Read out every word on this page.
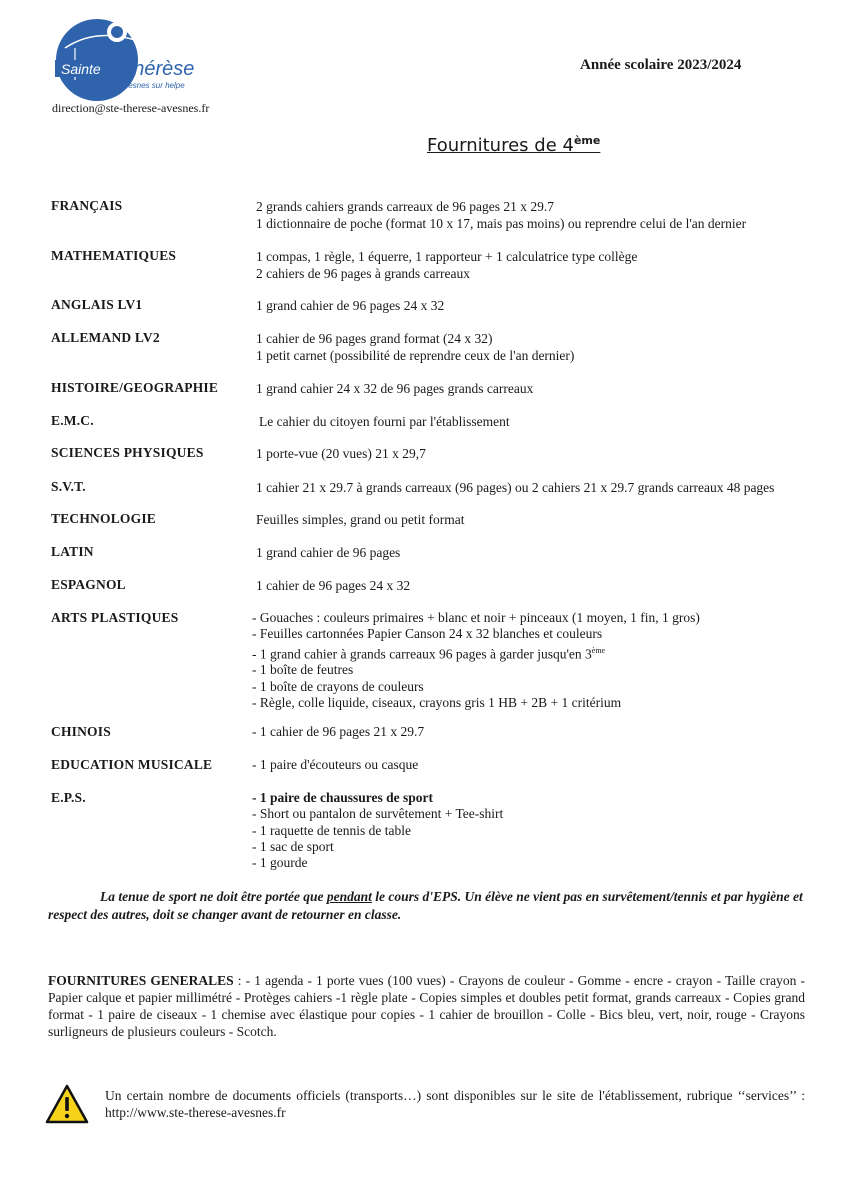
Sainte Thérèse
Avesnes sur helpe
direction@ste-therese-avesnes.fr
Année scolaire 2023/2024
Fournitures de 4ème
FRANÇAIS	2 grands cahiers grands carreaux de 96 pages 21 x 29.7
1 dictionnaire de poche (format 10 x 17, mais pas moins) ou reprendre celui de l'an dernier
MATHEMATIQUES	1 compas, 1 règle, 1 équerre, 1 rapporteur + 1 calculatrice type collège
2 cahiers de 96 pages à grands carreaux
ANGLAIS LV1	1 grand cahier de 96 pages 24 x 32
ALLEMAND LV2	1 cahier de 96 pages grand format (24 x 32)
1 petit carnet (possibilité de reprendre ceux de l'an dernier)
HISTOIRE/GEOGRAPHIE	1 grand cahier 24 x 32 de 96 pages grands carreaux
E.M.C.	Le cahier du citoyen fourni par l'établissement
SCIENCES PHYSIQUES	1 porte-vue (20 vues) 21 x 29,7
S.V.T.	1 cahier 21 x 29.7 à grands carreaux (96 pages) ou 2 cahiers 21 x 29.7 grands carreaux 48 pages
TECHNOLOGIE	Feuilles simples, grand ou petit format
LATIN	1 grand cahier de 96 pages
ESPAGNOL	1 cahier de 96 pages 24 x 32
ARTS PLASTIQUES	- Gouaches : couleurs primaires + blanc et noir + pinceaux (1 moyen, 1 fin, 1 gros)
- Feuilles cartonnées Papier Canson 24 x 32 blanches et couleurs
- 1 grand cahier à grands carreaux 96 pages à garder jusqu'en 3ème
- 1 boîte de feutres
- 1 boîte de crayons de couleurs
- Règle, colle liquide, ciseaux, crayons gris 1 HB + 2B + 1 critérium
CHINOIS	- 1 cahier de 96 pages 21 x 29.7
EDUCATION MUSICALE	- 1 paire d'écouteurs ou casque
E.P.S.	- 1 paire de chaussures de sport
- Short ou pantalon de survêtement + Tee-shirt
- 1 raquette de tennis de table
- 1 sac de sport
- 1 gourde
La tenue de sport ne doit être portée que pendant le cours d'EPS. Un élève ne vient pas en survêtement/tennis et par hygiène et respect des autres, doit se changer avant de retourner en classe.
FOURNITURES GENERALES : - 1 agenda - 1 porte vues (100 vues) - Crayons de couleur - Gomme - encre - crayon - Taille crayon - Papier calque et papier millimétré - Protèges cahiers -1 règle plate - Copies simples et doubles petit format, grands carreaux - Copies grand format - 1 paire de ciseaux - 1 chemise avec élastique pour copies - 1 cahier de brouillon - Colle - Bics bleu, vert, noir, rouge - Crayons surligneurs de plusieurs couleurs - Scotch.
Un certain nombre de documents officiels (transports…) sont disponibles sur le site de l'établissement, rubrique ‘‘services’’ : http://www.ste-therese-avesnes.fr
